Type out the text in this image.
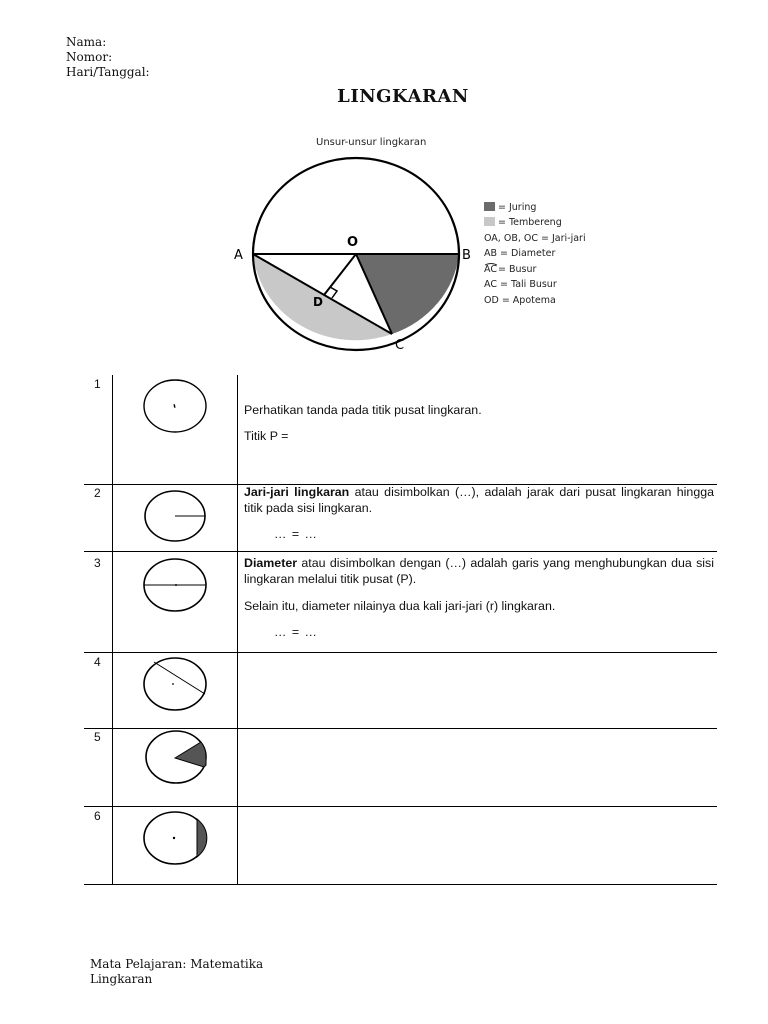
Nama:
Nomor:
Hari/Tanggal:
LINGKARAN
Unsur-unsur lingkaran
O
A	B
C
D
= Juring
= Tembereng
OA, OB, OC = Jari-jari
AB = Diameter
AC = Busur
AC = Tali Busur
OD = Apotema
1
2
3
4
5
6

Perhatikan tanda pada titik pusat lingkaran.

Titik P =

Jari-jari lingkaran atau disimbolkan (…), adalah jarak dari pusat lingkaran hingga titik pada sisi lingkaran.

… = …

Diameter atau disimbolkan dengan (…) adalah garis yang menghubungkan dua sisi lingkaran melalui titik pusat (P).

Selain itu, diameter nilainya dua kali jari-jari (r) lingkaran.

… = …

Mata Pelajaran: Matematika
Lingkaran
